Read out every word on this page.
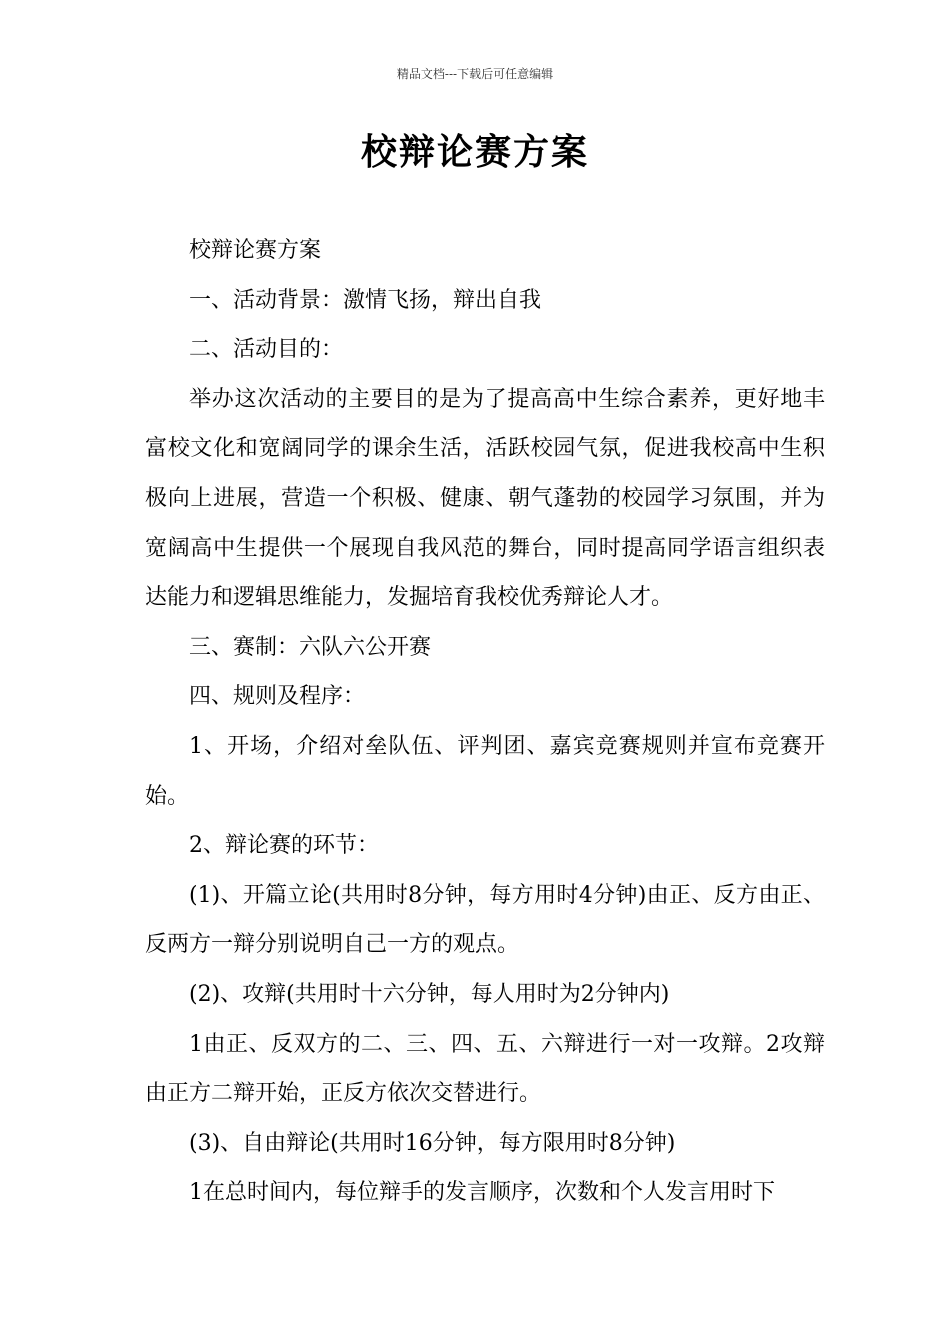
精品文档---下载后可任意编辑
校辩论赛方案

校辩论赛方案

一、活动背景：激情飞扬，辩出自我

二、活动目的：

举办这次活动的主要目的是为了提高高中生综合素养，更好地丰富校文化和宽阔同学的课余生活，活跃校园气氛，促进我校高中生积极向上进展，营造一个积极、健康、朝气蓬勃的校园学习氛围，并为宽阔高中生提供一个展现自我风范的舞台，同时提高同学语言组织表达能力和逻辑思维能力，发掘培育我校优秀辩论人才。

三、赛制：六队六公开赛

四、规则及程序：

1、开场，介绍对垒队伍、评判团、嘉宾竞赛规则并宣布竞赛开始。

2、辩论赛的环节：

(1)、开篇立论(共用时8分钟，每方用时4分钟)由正、反方由正、反两方一辩分别说明自己一方的观点。

(2)、攻辩(共用时十六分钟，每人用时为2分钟内)

1由正、反双方的二、三、四、五、六辩进行一对一攻辩。2攻辩由正方二辩开始，正反方依次交替进行。

(3)、自由辩论(共用时16分钟，每方限用时8分钟)

1在总时间内，每位辩手的发言顺序，次数和个人发言用时下
